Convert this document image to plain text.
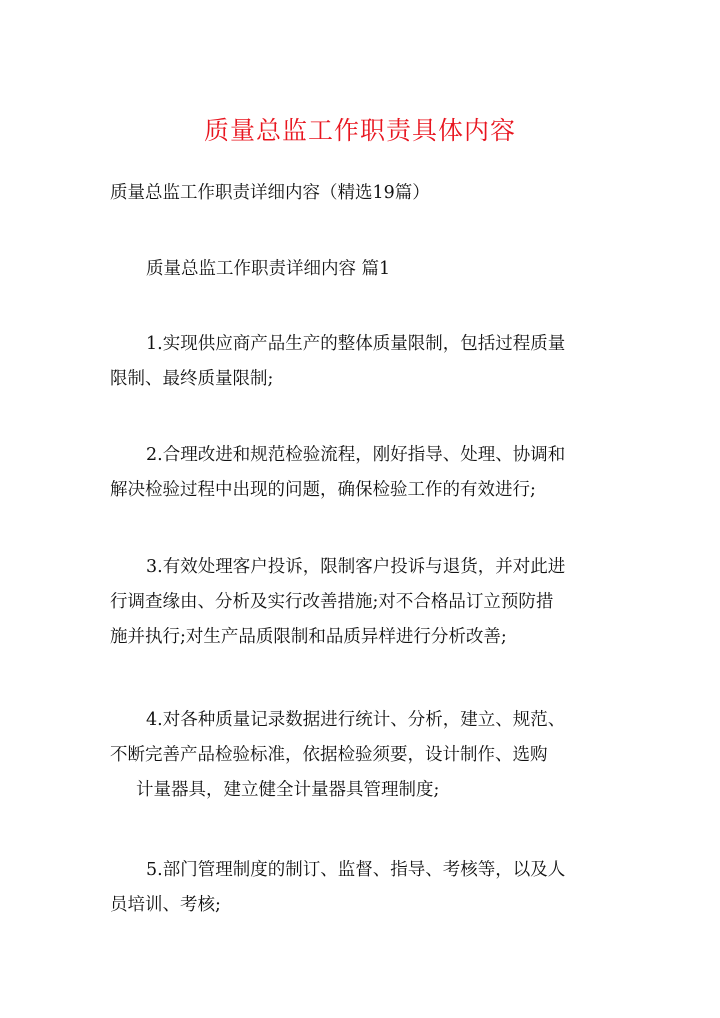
质量总监工作职责具体内容
质量总监工作职责详细内容（精选19篇）
质量总监工作职责详细内容 篇1
1.实现供应商产品生产的整体质量限制，包括过程质量
限制、最终质量限制;
2.合理改进和规范检验流程，刚好指导、处理、协调和
解决检验过程中出现的问题，确保检验工作的有效进行;
3.有效处理客户投诉，限制客户投诉与退货，并对此进
行调查缘由、分析及实行改善措施;对不合格品订立预防措
施并执行;对生产品质限制和品质异样进行分析改善;
4.对各种质量记录数据进行统计、分析，建立、规范、
不断完善产品检验标准，依据检验须要，设计制作、选购
计量器具，建立健全计量器具管理制度;
5.部门管理制度的制订、监督、指导、考核等，以及人
员培训、考核;
